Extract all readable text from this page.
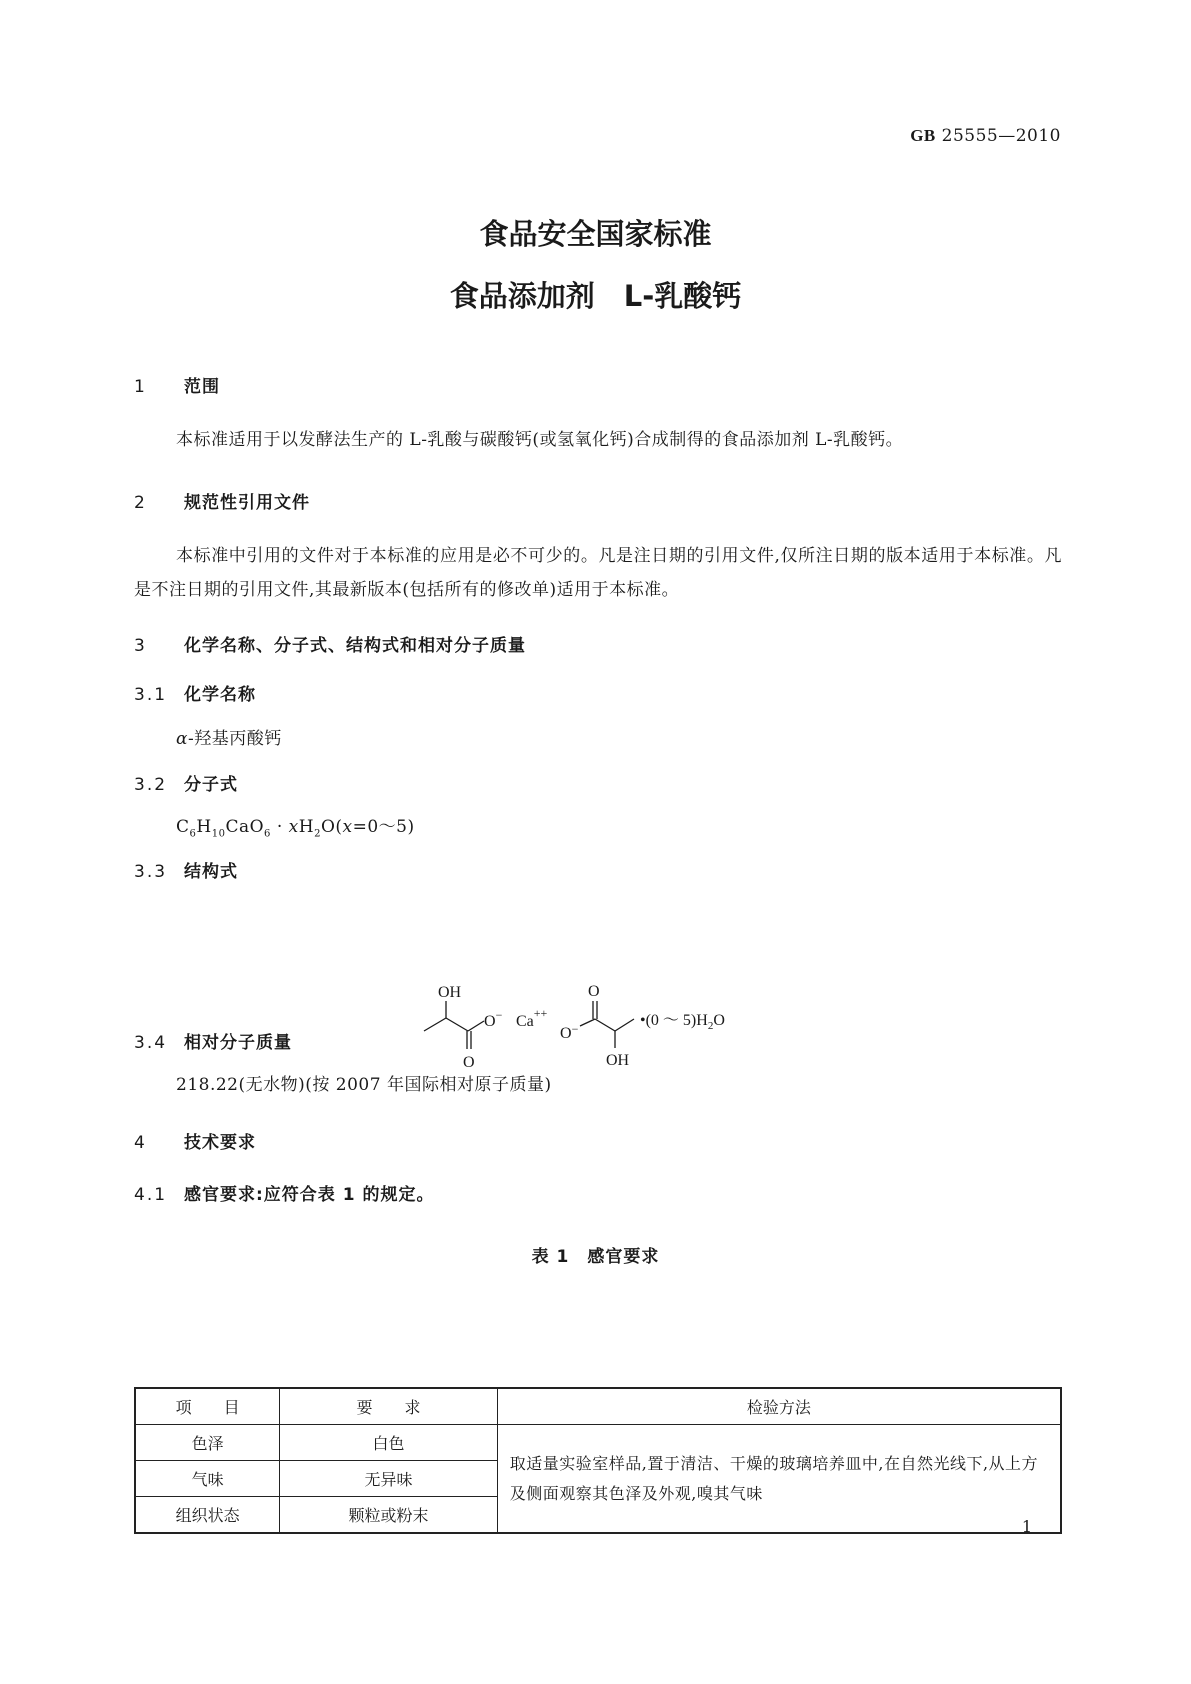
GB 25555—2010
食品安全国家标准
食品添加剂　L-乳酸钙
1 范围
本标准适用于以发酵法生产的 L-乳酸与碳酸钙(或氢氧化钙)合成制得的食品添加剂 L-乳酸钙。
2 规范性引用文件
本标准中引用的文件对于本标准的应用是必不可少的。凡是注日期的引用文件,仅所注日期的版本适用于本标准。凡是不注日期的引用文件,其最新版本(包括所有的修改单)适用于本标准。
3 化学名称、分子式、结构式和相对分子质量
3.1 化学名称
α-羟基丙酸钙
3.2 分子式
$C_6H_{10}CaO_6$ · $xH_2O(x=0\sim 5)$
3.3 结构式
OH
O
O− Ca++
O−
O
OH
•(0 ～ $5)H_2O$
3.4 相对分子质量
218.22(无水物)(按 2007 年国际相对原子质量)
4 技术要求
4.1 感官要求:应符合表 1 的规定。
表 1　感官要求
项　　目	要　　求	检验方法
色泽	白色	取适量实验室样品,置于清洁、干燥的玻璃培养皿中,在自然光线下,从上方及侧面观察其色泽及外观,嗅其气味
气味	无异味	
组织状态	颗粒或粉末	
1
